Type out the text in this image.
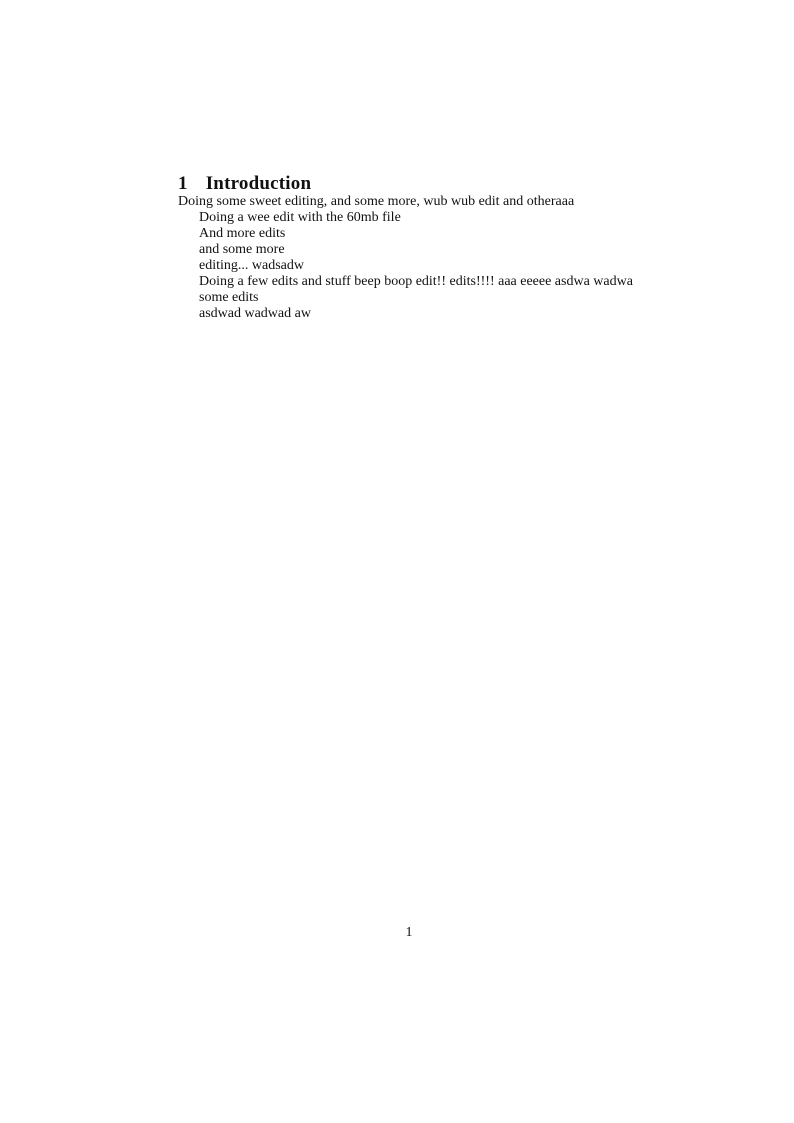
1 Introduction

Doing some sweet editing, and some more, wub wub edit and otheraaa

Doing a wee edit with the 60mb file

And more edits

and some more

editing... wadsadw

Doing a few edits and stuff beep boop edit!! edits!!!! aaa eeeee asdwa wadwa

some edits

asdwad wadwad aw

1
